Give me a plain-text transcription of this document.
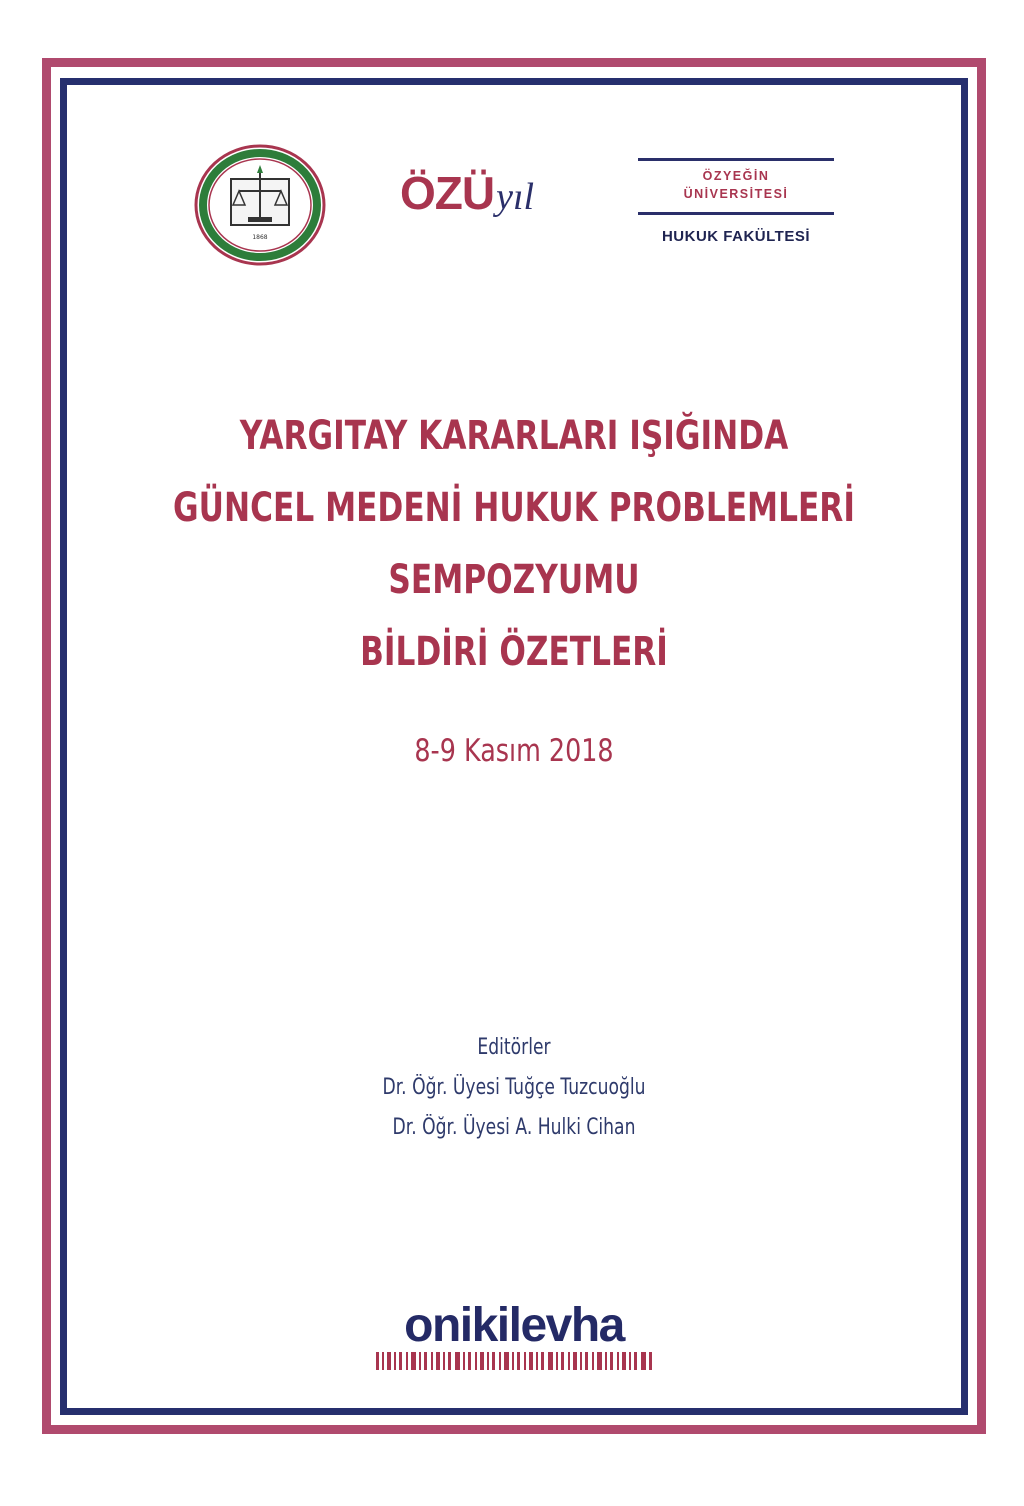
1868
ÖZÜ yıl	ÖZYEĞİN
ÜNİVERSİTESİ
HUKUK FAKÜLTESİ
YARGITAY KARARLARI IŞIĞINDA
GÜNCEL MEDENİ HUKUK PROBLEMLERİ
SEMPOZYUMU
BİLDİRİ ÖZETLERİ
8-9 Kasım 2018
Editörler
Dr. Öğr. Üyesi Tuğçe Tuzcuoğlu
Dr. Öğr. Üyesi A. Hulki Cihan
onikilevha
